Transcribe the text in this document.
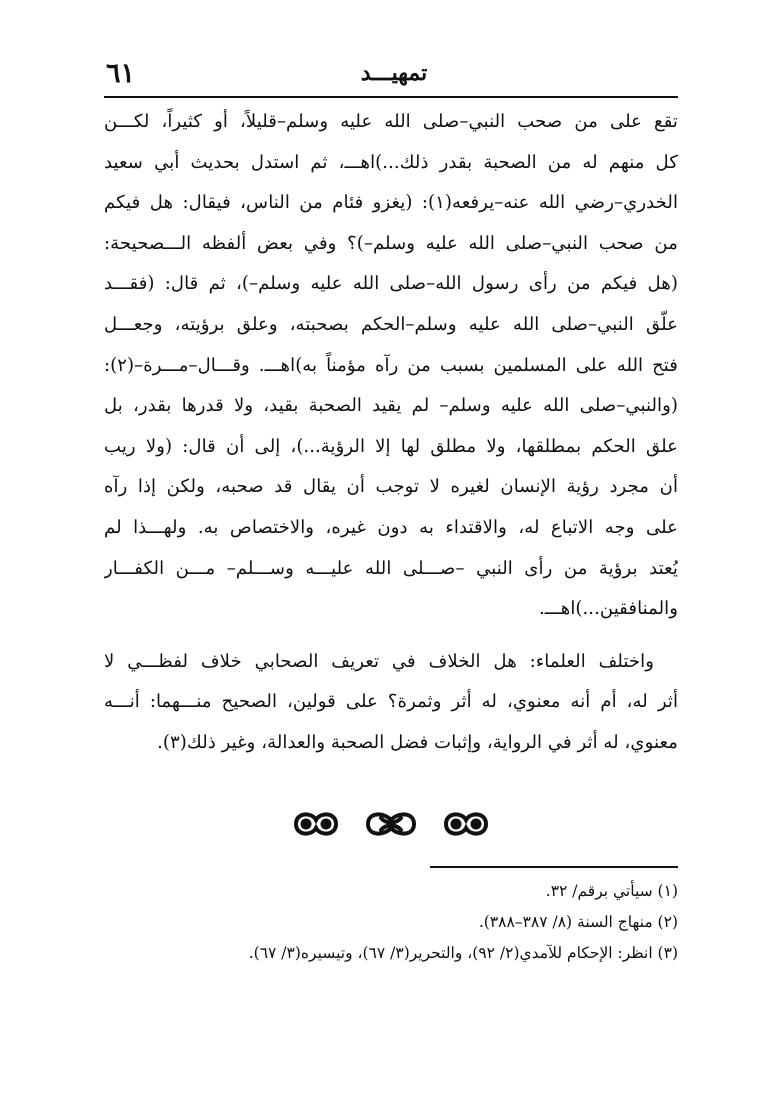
٦١	تمهيـــد
تقع على من صحب النبي–صلى الله عليه وسلم–قليلاً، أو كثيراً، لكـــن
كل منهم له من الصحبة بقدر ذلك...)اهـــ، ثم استدل بحديث أبي سعيد
الخدري–رضي الله عنه–يرفعه(١): (يغزو فئام من الناس، فيقال: هل فيكم
من صحب النبي–صلى الله عليه وسلم–)؟ وفي بعض ألفظه الـــصحيحة:
(هل فيكم من رأى رسول الله–صلى الله عليه وسلم–)، ثم قال: (فقـــد
علّق النبي–صلى الله عليه وسلم–الحكم بصحبته، وعلق برؤيته، وجعـــل
فتح الله على المسلمين بسبب من رآه مؤمناً به)اهـــ. وقـــال–مـــرة–(٢):
(والنبي–صلى الله عليه وسلم– لم يقيد الصحبة بقيد، ولا قدرها بقدر، بل
علق الحكم بمطلقها، ولا مطلق لها إلا الرؤية...)، إلى أن قال: (ولا ريب
أن مجرد رؤية الإنسان لغيره لا توجب أن يقال قد صحبه، ولكن إذا رآه
على وجه الاتباع له، والاقتداء به دون غيره، والاختصاص به. ولهـــذا لم
يُعتد برؤية من رأى النبي –صـــلى الله عليـــه وســـلم– مـــن الكفـــار
والمنافقين...)اهـــ.
واختلف العلماء: هل الخلاف في تعريف الصحابي خلاف لفظـــي لا
أثر له، أم أنه معنوي، له أثر وثمرة؟ على قولين، الصحيح منـــهما: أنـــه
معنوي، له أثر في الرواية، وإثبات فضل الصحبة والعدالة، وغير ذلك(٣).
(١) سيأتي برقم/ ٣٢.
(٢) منهاج السنة (٨/ ٣٨٧–٣٨٨).
(٣) انظر: الإحكام للآمدي(٢/ ٩٢)، والتحرير(٣/ ٦٧)، وتيسيره(٣/ ٦٧).
